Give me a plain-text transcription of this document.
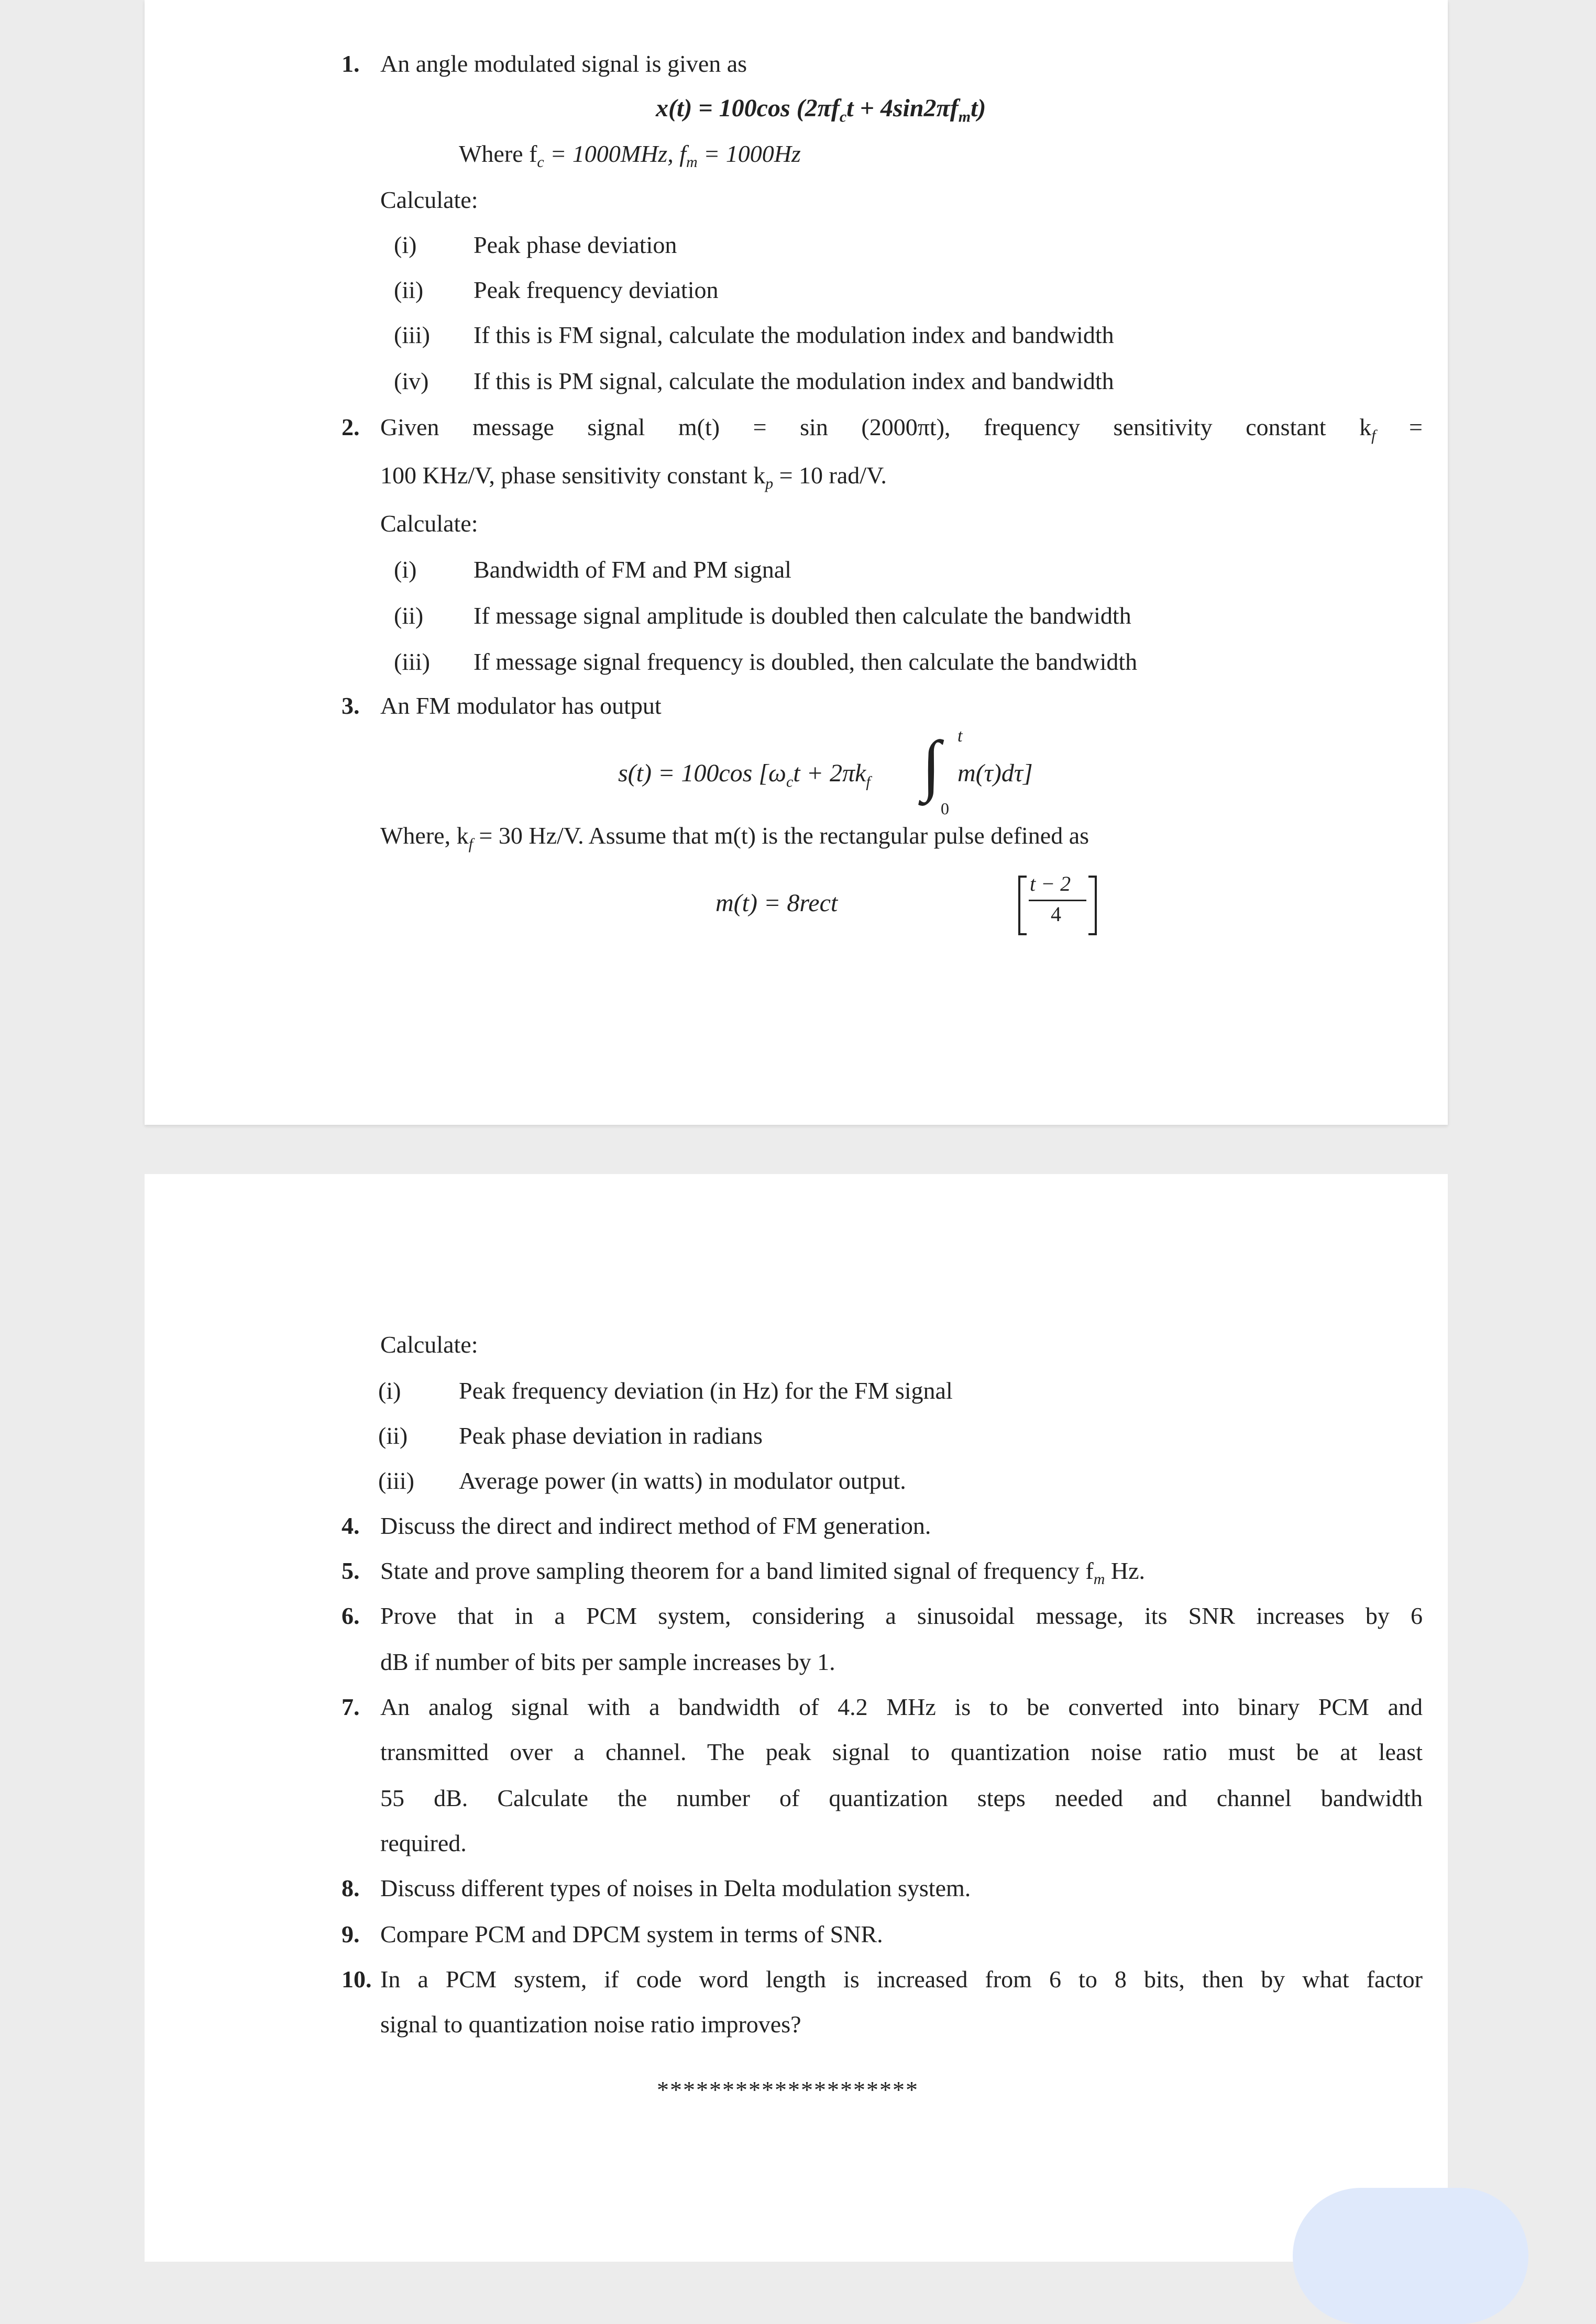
1. An angle modulated signal is given as
x(t) = 100cos $(2\pi f_ct + 4\sin 2\pi f_mt)$
Where $f_c = 1000MHz$, $f_m = 1000Hz$
Calculate:
(i) Peak phase deviation
(ii) Peak frequency deviation
(iii) If this is FM signal, calculate the modulation index and bandwidth
(iv) If this is PM signal, calculate the modulation index and bandwidth
2. Given message signal m(t) = sin (2000πt), frequency sensitivity constant $k_f$ =
100 KHz/V, phase sensitivity constant $k_p = 10$ rad/V.
Calculate:
(i) Bandwidth of FM and PM signal
(ii) If message signal amplitude is doubled then calculate the bandwidth
(iii) If message signal frequency is doubled, then calculate the bandwidth
3. An FM modulator has output
s(t) = 100cos [$\omega_ct + 2\pi k_f$ ∫ t
0
m(τ)dτ]
Where, $k_f = 30$ Hz/V. Assume that m(t) is the rectangular pulse defined as
m(t) = 8rect
t − 2
4
Calculate:
(i) Peak frequency deviation (in Hz) for the FM signal
(ii) Peak phase deviation in radians
(iii) Average power (in watts) in modulator output.
4. Discuss the direct and indirect method of FM generation.
5. State and prove sampling theorem for a band limited signal of frequency $f_m$ Hz.
6. Prove that in a PCM system, considering a sinusoidal message, its SNR increases by 6
dB if number of bits per sample increases by 1.
7. An analog signal with a bandwidth of 4.2 MHz is to be converted into binary PCM and
transmitted over a channel. The peak signal to quantization noise ratio must be at least
55 dB. Calculate the number of quantization steps needed and channel bandwidth
required.
8. Discuss different types of noises in Delta modulation system.
9. Compare PCM and DPCM system in terms of SNR.
10. In a PCM system, if code word length is increased from 6 to 8 bits, then by what factor
signal to quantization noise ratio improves?
********************
